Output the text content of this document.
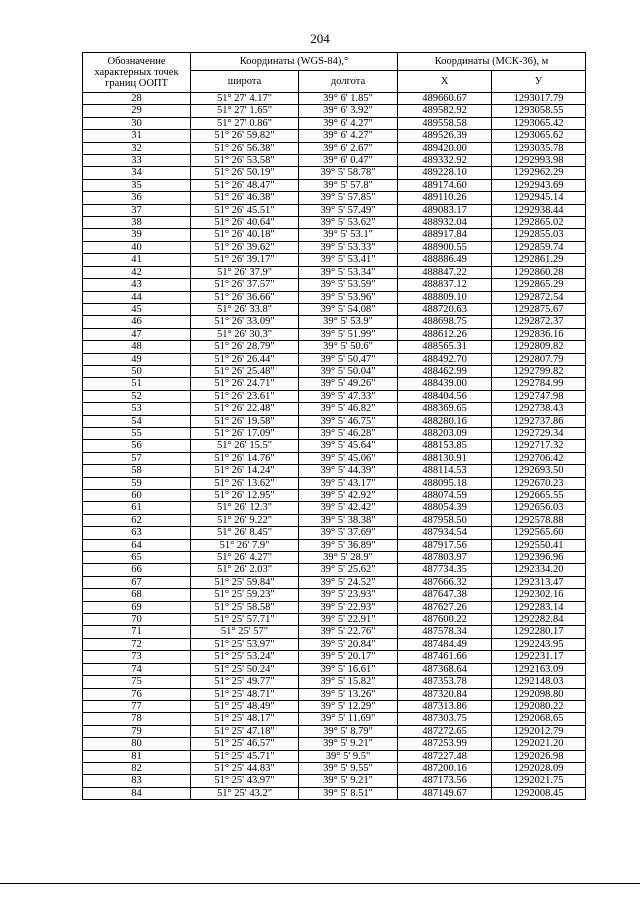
204
Обозначение характерных точек границ ООПТ	Координаты (WGS-84),°		Координаты (МСК-36), м	
	широта	долгота	X	У
28	51° 27' 4.17"	39° 6' 1.85"	489660.67	1293017.79
29	51° 27' 1.65"	39° 6' 3.92"	489582.92	1293058.55
30	51° 27' 0.86"	39° 6' 4.27"	489558.58	1293065.42
31	51° 26' 59.82"	39° 6' 4.27"	489526.39	1293065.62
32	51° 26' 56.38"	39° 6' 2.67"	489420.00	1293035.78
33	51° 26' 53.58"	39° 6' 0.47"	489332.92	1292993.98
34	51° 26' 50.19"	39° 5' 58.78"	489228.10	1292962.29
35	51° 26' 48.47"	39° 5' 57.8"	489174.60	1292943.69
36	51° 26' 46.38"	39° 5' 57.85"	489110.26	1292945.14
37	51° 26' 45.51"	39° 5' 57.49"	489083.17	1292938.44
38	51° 26' 40.64"	39° 5' 53.62"	488932.04	1292865.02
39	51° 26' 40.18"	39° 5' 53.1"	488917.84	1292855.03
40	51° 26' 39.62"	39° 5' 53.33"	488900.55	1292859.74
41	51° 26' 39.17"	39° 5' 53.41"	488886.49	1292861.29
42	51° 26' 37.9"	39° 5' 53.34"	488847.22	1292860.28
43	51° 26' 37.57"	39° 5' 53.59"	488837.12	1292865.29
44	51° 26' 36.66"	39° 5' 53.96"	488809.10	1292872.54
45	51° 26' 33.8"	39° 5' 54.08"	488720.63	1292875.67
46	51° 26' 33.09"	39° 5' 53.9"	488698.75	1292872.37
47	51° 26' 30.3"	39° 5' 51.99"	488612.26	1292836.16
48	51° 26' 28.79"	39° 5' 50.6"	488565.31	1292809.82
49	51° 26' 26.44"	39° 5' 50.47"	488492.70	1292807.79
50	51° 26' 25.48"	39° 5' 50.04"	488462.99	1292799.82
51	51° 26' 24.71"	39° 5' 49.26"	488439.00	1292784.99
52	51° 26' 23.61"	39° 5' 47.33"	488404.56	1292747.98
53	51° 26' 22.48"	39° 5' 46.82"	488369.65	1292738.43
54	51° 26' 19.58"	39° 5' 46.75"	488280.16	1292737.86
55	51° 26' 17.09"	39° 5' 46.28"	488203.09	1292729.34
56	51° 26' 15.5"	39° 5' 45.64"	488153.85	1292717.32
57	51° 26' 14.76"	39° 5' 45.06"	488130.91	1292706.42
58	51° 26' 14.24"	39° 5' 44.39"	488114.53	1292693.50
59	51° 26' 13.62"	39° 5' 43.17"	488095.18	1292670.23
60	51° 26' 12.95"	39° 5' 42.92"	488074.59	1292665.55
61	51° 26' 12.3"	39° 5' 42.42"	488054.39	1292656.03
62	51° 26' 9.22"	39° 5' 38.38"	487958.50	1292578.88
63	51° 26' 8.45"	39° 5' 37.69"	487934.54	1292565.60
64	51° 26' 7.9"	39° 5' 36.89"	487917.56	1292550.41
65	51° 26' 4.27"	39° 5' 28.9"	487803.97	1292396.96
66	51° 26' 2.03"	39° 5' 25.62"	487734.35	1292334.20
67	51° 25' 59.84"	39° 5' 24.52"	487666.32	1292313.47
68	51° 25' 59.23"	39° 5' 23.93"	487647.38	1292302.16
69	51° 25' 58.58"	39° 5' 22.93"	487627.26	1292283.14
70	51° 25' 57.71"	39° 5' 22.91"	487600.22	1292282.84
71	51° 25' 57"	39° 5' 22.76"	487578.34	1292280.17
72	51° 25' 53.97"	39° 5' 20.84"	487484.49	1292243.95
73	51° 25' 53.24"	39° 5' 20.17"	487461.66	1292231.17
74	51° 25' 50.24"	39° 5' 16.61"	487368.64	1292163.09
75	51° 25' 49.77"	39° 5' 15.82"	487353.78	1292148.03
76	51° 25' 48.71"	39° 5' 13.26"	487320.84	1292098.80
77	51° 25' 48.49"	39° 5' 12.29"	487313.86	1292080.22
78	51° 25' 48.17"	39° 5' 11.69"	487303.75	1292068.65
79	51° 25' 47.18"	39° 5' 8.79"	487272.65	1292012.79
80	51° 25' 46.57"	39° 5' 9.21"	487253.99	1292021.20
81	51° 25' 45.71"	39° 5' 9.5"	487227.48	1292026.98
82	51° 25' 44.83"	39° 5' 9.55"	487200.16	1292028.09
83	51° 25' 43.97"	39° 5' 9.21"	487173.56	1292021.75
84	51° 25' 43.2"	39° 5' 8.51"	487149.67	1292008.45
